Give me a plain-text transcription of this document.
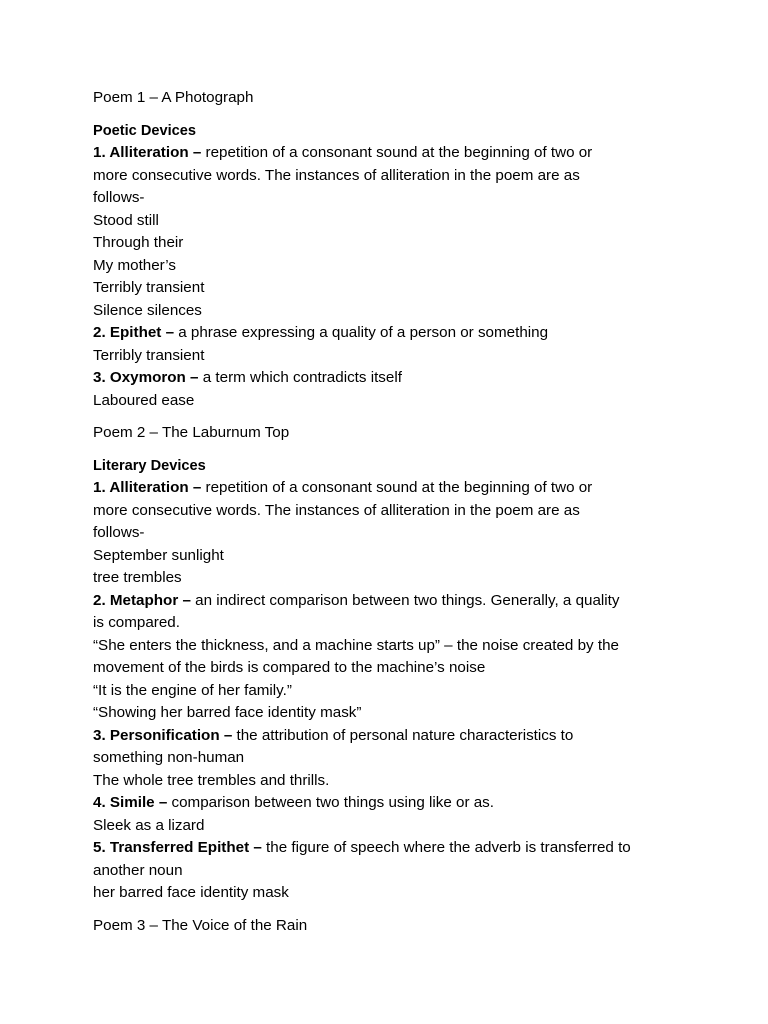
Poem 1 – A Photograph
Poetic Devices
1. Alliteration – repetition of a consonant sound at the beginning of two or
more consecutive words. The instances of alliteration in the poem are as
follows-
Stood still
Through their
My mother’s
Terribly transient
Silence silences
2. Epithet – a phrase expressing a quality of a person or something
Terribly transient
3. Oxymoron – a term which contradicts itself
Laboured ease
Poem 2 – The Laburnum Top
Literary Devices
1. Alliteration – repetition of a consonant sound at the beginning of two or
more consecutive words. The instances of alliteration in the poem are as
follows-
September sunlight
tree trembles
2. Metaphor – an indirect comparison between two things. Generally, a quality
is compared.
“She enters the thickness, and a machine starts up” – the noise created by the
movement of the birds is compared to the machine’s noise
“It is the engine of her family.”
“Showing her barred face identity mask”
3. Personification – the attribution of personal nature characteristics to
something non-human
The whole tree trembles and thrills.
4. Simile – comparison between two things using like or as.
Sleek as a lizard
5. Transferred Epithet – the figure of speech where the adverb is transferred to
another noun
her barred face identity mask
Poem 3 – The Voice of the Rain
